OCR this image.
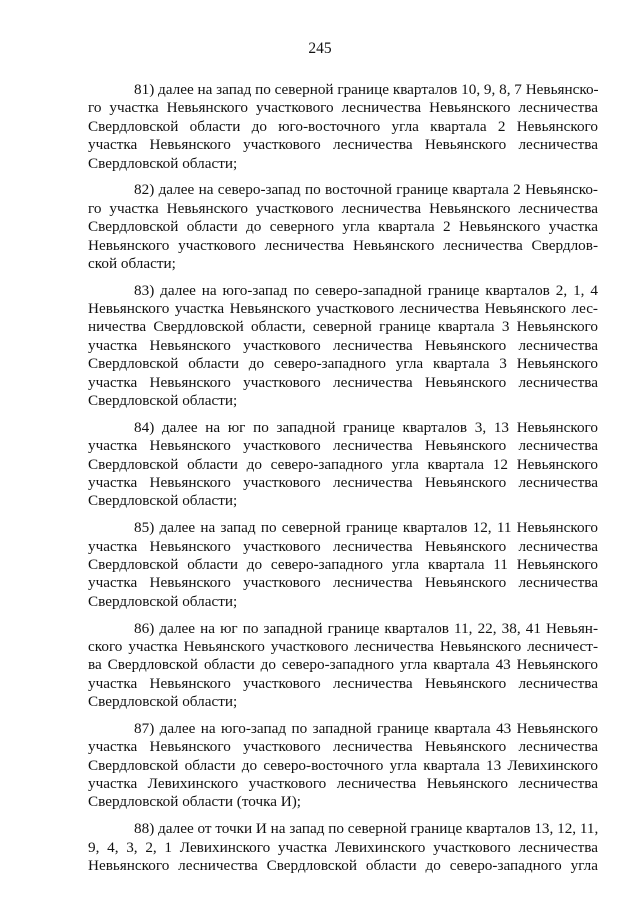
245
81) далее на запад по северной границе кварталов 10, 9, 8, 7 Невьянско-
го участка Невьянского участкового лесничества Невьянского лесничества
Свердловской области до юго-восточного угла квартала 2 Невьянского
участка Невьянского участкового лесничества Невьянского лесничества
Свердловской области;
82) далее на северо-запад по восточной границе квартала 2 Невьянско-
го участка Невьянского участкового лесничества Невьянского лесничества
Свердловской области до северного угла квартала 2 Невьянского участка
Невьянского участкового лесничества Невьянского лесничества Свердлов-
ской области;
83) далее на юго-запад по северо-западной границе кварталов 2, 1, 4
Невьянского участка Невьянского участкового лесничества Невьянского лес-
ничества Свердловской области, северной границе квартала 3 Невьянского
участка Невьянского участкового лесничества Невьянского лесничества
Свердловской области до северо-западного угла квартала 3 Невьянского
участка Невьянского участкового лесничества Невьянского лесничества
Свердловской области;
84) далее на юг по западной границе кварталов 3, 13 Невьянского
участка Невьянского участкового лесничества Невьянского лесничества
Свердловской области до северо-западного угла квартала 12 Невьянского
участка Невьянского участкового лесничества Невьянского лесничества
Свердловской области;
85) далее на запад по северной границе кварталов 12, 11 Невьянского
участка Невьянского участкового лесничества Невьянского лесничества
Свердловской области до северо-западного угла квартала 11 Невьянского
участка Невьянского участкового лесничества Невьянского лесничества
Свердловской области;
86) далее на юг по западной границе кварталов 11, 22, 38, 41 Невьян-
ского участка Невьянского участкового лесничества Невьянского лесничест-
ва Свердловской области до северо-западного угла квартала 43 Невьянского
участка Невьянского участкового лесничества Невьянского лесничества
Свердловской области;
87) далее на юго-запад по западной границе квартала 43 Невьянского
участка Невьянского участкового лесничества Невьянского лесничества
Свердловской области до северо-восточного угла квартала 13 Левихинского
участка Левихинского участкового лесничества Невьянского лесничества
Свердловской области (точка И);
88) далее от точки И на запад по северной границе кварталов 13, 12, 11,
9, 4, 3, 2, 1 Левихинского участка Левихинского участкового лесничества
Невьянского лесничества Свердловской области до северо-западного угла
